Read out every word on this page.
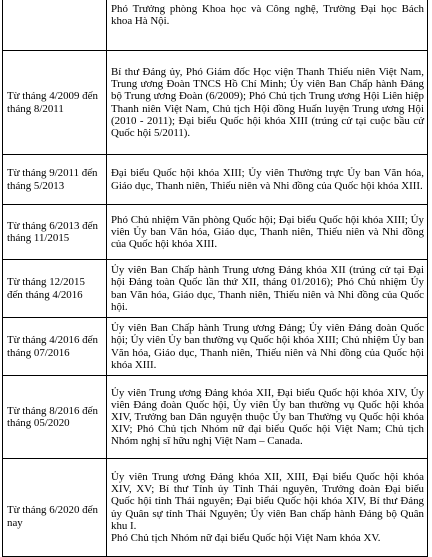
	Phó Trưởng phòng Khoa học và Công nghệ, Trường Đại học Bách khoa Hà Nội.

Từ tháng 4/2009 đến tháng 8/2011	Bí thư Đảng ủy, Phó Giám đốc Học viện Thanh Thiếu niên Việt Nam, Trung ương Đoàn TNCS Hồ Chí Minh; Ủy viên Ban Chấp hành Đảng bộ Trung ương Đoàn (6/2009); Phó Chủ tịch Trung ương Hội Liên hiệp Thanh niên Việt Nam, Chủ tịch Hội đồng Huấn luyện Trung ương Hội (2010 - 2011); Đại biểu Quốc hội khóa XIII (trúng cử tại cuộc bầu cử Quốc hội 5/2011).

Từ tháng 9/2011 đến tháng 5/2013	Đại biểu Quốc hội khóa XIII; Ủy viên Thường trực Ủy ban Văn hóa, Giáo dục, Thanh niên, Thiếu niên và Nhi đồng của Quốc hội khóa XIII.

Từ tháng 6/2013 đến tháng 11/2015	Phó Chủ nhiệm Văn phòng Quốc hội; Đại biểu Quốc hội khóa XIII; Ủy viên Ủy ban Văn hóa, Giáo dục, Thanh niên, Thiếu niên và Nhi đồng của Quốc hội khóa XIII.

Từ tháng 12/2015 đến tháng 4/2016	Ủy viên Ban Chấp hành Trung ương Đảng khóa XII (trúng cử tại Đại hội Đảng toàn Quốc lần thứ XII, tháng 01/2016); Phó Chủ nhiệm Ủy ban Văn hóa, Giáo dục, Thanh niên, Thiếu niên và Nhi đồng của Quốc hội.

Từ tháng 4/2016 đến tháng 07/2016	Ủy viên Ban Chấp hành Trung ương Đảng; Ủy viên Đảng đoàn Quốc hội; Ủy viên Ủy ban thường vụ Quốc hội khóa XIII; Chủ nhiệm Ủy ban Văn hóa, Giáo dục, Thanh niên, Thiếu niên và Nhi đồng của Quốc hội khóa XIII.

Từ tháng 8/2016 đến tháng 05/2020	Ủy viên Trung ương Đảng khóa XII, Đại biểu Quốc hội khóa XIV, Ủy viên Đảng đoàn Quốc hội, Ủy viên Ủy ban thường vụ Quốc hội khóa XIV, Trưởng ban Dân nguyện thuộc Ủy ban Thường vụ Quốc hội khóa XIV; Phó Chủ tịch Nhóm nữ đại biểu Quốc hội Việt Nam; Chủ tịch Nhóm nghị sĩ hữu nghị Việt Nam – Canada.

Từ tháng 6/2020 đến nay	Ủy viên Trung ương Đảng khóa XII, XIII, Đại biểu Quốc hội khóa XIV, XV; Bí thư Tỉnh ủy Tỉnh Thái nguyên, Trưởng đoàn Đại biểu Quốc hội tỉnh Thái nguyên; Đại biểu Quốc hội khóa XIV, Bí thư Đảng ủy Quân sự tỉnh Thái Nguyên; Ủy viên Ban chấp hành Đảng bộ Quân khu I.

Phó Chủ tịch Nhóm nữ đại biểu Quốc hội Việt Nam khóa XV.
